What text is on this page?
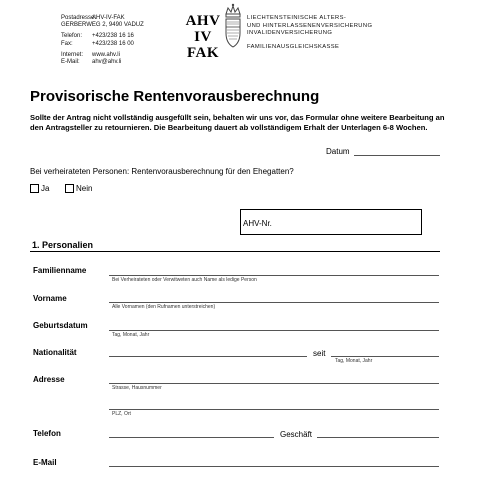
Postadresse:
AHV-IV-FAK
GERBERWEG 2, 9490 VADUZ
Telefon:	+423/238 16 16
Fax:	+423/238 16 00
Internet:	www.ahv.li
E-Mail:	ahv@ahv.li
AHV
IV
FAK
LIECHTENSTEINISCHE ALTERS-
UND HINTERLASSENENVERSICHERUNG
INVALIDENVERSICHERUNG
FAMILIENAUSGLEICHSKASSE
Provisorische Rentenvorausberechnung
Sollte der Antrag nicht vollständig ausgefüllt sein, behalten wir uns vor, das Formular ohne weitere Bearbeitung an den Antragsteller zu retournieren. Die Bearbeitung dauert ab vollständigem Erhalt der Unterlagen 6-8 Wochen.
Datum
Bei verheirateten Personen: Rentenvorausberechnung für den Ehegatten?
Ja	Nein
AHV-Nr.
1. Personalien
Familienname
Bei Verheirateten oder Verwitweten auch Name als ledige Person
Vorname
Alle Vornamen (den Rufnamen unterstreichen)
Geburtsdatum
Tag, Monat, Jahr
Nationalität	seit
Tag, Monat, Jahr
Adresse
Strasse, Hausnummer
PLZ, Ort
Telefon	Geschäft
E-Mail
